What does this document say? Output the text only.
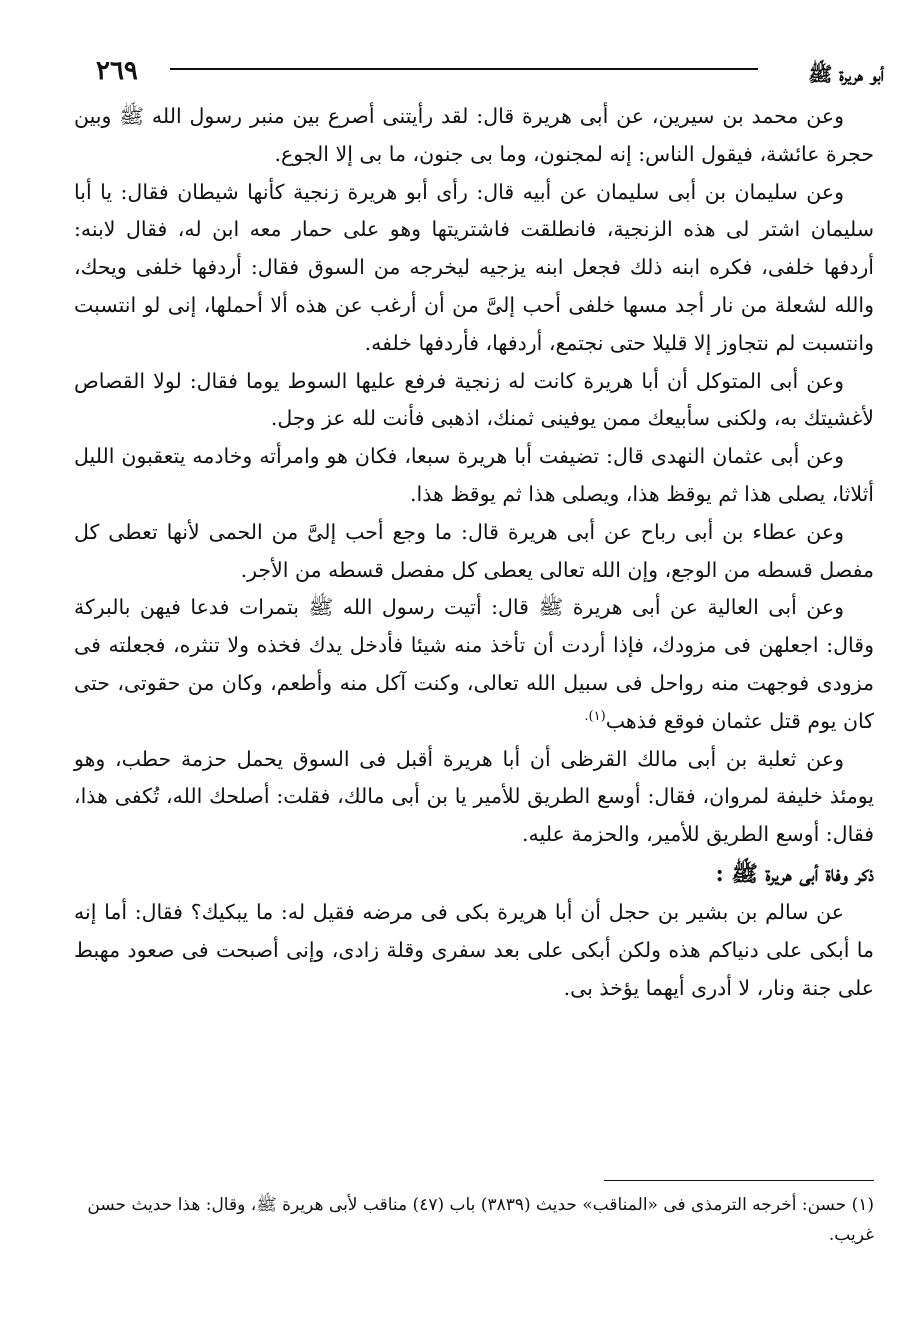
٢٦٩	أبو هريرة ﷺ

وعن محمد بن سيرين، عن أبى هريرة قال: لقد رأيتنى أصرع بين منبر رسول الله ﷺ وبين حجرة عائشة، فيقول الناس: إنه لمجنون، وما بى جنون، ما بى إلا الجوع.

وعن سليمان بن أبى سليمان عن أبيه قال: رأى أبو هريرة زنجية كأنها شيطان فقال: يا أبا سليمان اشتر لى هذه الزنجية، فانطلقت فاشتريتها وهو على حمار معه ابن له، فقال لابنه: أردفها خلفى، فكره ابنه ذلك فجعل ابنه يزجيه ليخرجه من السوق فقال: أردفها خلفى ويحك، والله لشعلة من نار أجد مسها خلفى أحب إلىَّ من أن أرغب عن هذه ألا أحملها، إنى لو انتسبت وانتسبت لم نتجاوز إلا قليلا حتى نجتمع، أردفها، فأردفها خلفه.

وعن أبى المتوكل أن أبا هريرة كانت له زنجية فرفع عليها السوط يوما فقال: لولا القصاص لأغشيتك به، ولكنى سأبيعك ممن يوفينى ثمنك، اذهبى فأنت لله عز وجل.

وعن أبى عثمان النهدى قال: تضيفت أبا هريرة سبعا، فكان هو وامرأته وخادمه يتعقبون الليل أثلاثا، يصلى هذا ثم يوقظ هذا، ويصلى هذا ثم يوقظ هذا.

وعن عطاء بن أبى رباح عن أبى هريرة قال: ما وجع أحب إلىَّ من الحمى لأنها تعطى كل مفصل قسطه من الوجع، وإن الله تعالى يعطى كل مفصل قسطه من الأجر.

وعن أبى العالية عن أبى هريرة ﷺ قال: أتيت رسول الله ﷺ بتمرات فدعا فيهن بالبركة وقال: اجعلهن فى مزودك، فإذا أردت أن تأخذ منه شيئا فأدخل يدك فخذه ولا تنثره، فجعلته فى مزودى فوجهت منه رواحل فى سبيل الله تعالى، وكنت آكل منه وأطعم، وكان من حقوتى، حتى كان يوم قتل عثمان فوقع فذهب$^{(١).}$

وعن ثعلبة بن أبى مالك القرظى أن أبا هريرة أقبل فى السوق يحمل حزمة حطب، وهو يومئذ خليفة لمروان، فقال: أوسع الطريق للأمير يا بن أبى مالك، فقلت: أصلحك الله، تُكفى هذا، فقال: أوسع الطريق للأمير، والحزمة عليه.

ذكر وفاة أبى هريرة ﷺ :

عن سالم بن بشير بن حجل أن أبا هريرة بكى فى مرضه فقيل له: ما يبكيك؟ فقال: أما إنه ما أبكى على دنياكم هذه ولكن أبكى على بعد سفرى وقلة زادى، وإنى أصبحت فى صعود مهبط على جنة ونار، لا أدرى أيهما يؤخذ بى.

(١) حسن: أخرجه الترمذى فى «المناقب» حديث (٣٨٣٩) باب (٤٧) مناقب لأبى هريرة ﷺ، وقال: هذا حديث حسن غريب.
